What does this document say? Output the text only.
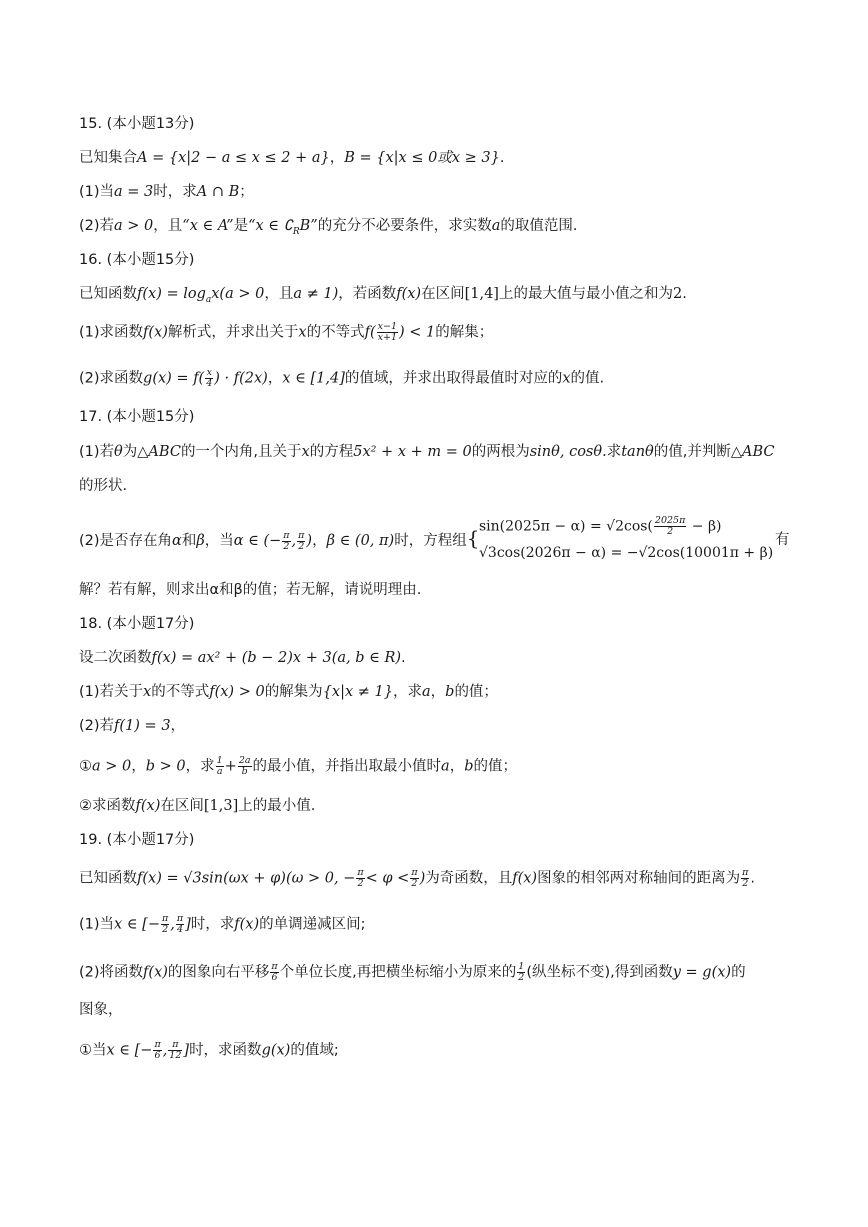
15. (本小题13分)
已知集合A = {x|2 − a ≤ x ≤ 2 + a}，B = {x|x ≤ 0或x ≥ 3}.
(1)当a = 3时，求A ∩ B；
(2)若a > 0，且“x ∈ A”是“x ∈ $∁_RB$”的充分不必要条件，求实数a的取值范围.
16. (本小题15分)
已知函数$f(x) = \log_ax(a > 0$，且a ≠ 1)，若函数f(x)在区间[1,4]上的最大值与最小值之和为2.
(1)求函数f(x)解析式，并求出关于x的不等式$f( \frac{x-1}{x+1}$ ) < 1的解集；
(2)求函数$g(x) = f( \frac{x}{4}$ ) · f(2x)，x ∈ [1,4]的值域，并求出取得最值时对应的x的值.
17. (本小题15分)
(1)若θ为△ABC的一个内角,且关于x的方程5x² + x + m = 0的两根为sinθ, cosθ.求tanθ的值,并判断△ABC
的形状.
(2)是否存在角α和β，当α ∈ (− $\frac{\pi}{2}$ , $\frac{\pi}{2}$ )，β ∈ (0, π)时，方程组{ $\sin(2025\pi - \alpha) = √2\cos( \frac{2025\pi}{2} - \beta)$
√3cos(2026π − α) = −√2cos(10001π + β)
有
解？若有解，则求出α和β的值；若无解，请说明理由.
18. (本小题17分)
设二次函数f(x) = ax² + (b − 2)x + 3(a, b ∈ R).
(1)若关于x的不等式f(x) > 0的解集为{x|x ≠ 1}，求a，b的值；
(2)若f(1) = 3，
①a > 0，b > 0，求 $\frac{1}{a} + \frac{2a}{b}$ 的最小值，并指出取最小值时a，b的值；
②求函数f(x)在区间[1,3]上的最小值.
19. (本小题17分)
已知函数f(x) = √3sin(ωx + φ)(ω > 0, − $\frac{\pi}{2} < \varphi < \frac{\pi}{2}$ )为奇函数，且f(x)图象的相邻两对称轴间的距离为 $\frac{\pi}{2}$ .
(1)当x ∈ [− $\frac{\pi}{2}$ , $\frac{\pi}{4}$ ]时，求f(x)的单调递减区间;
(2)将函数f(x)的图象向右平移 $\frac{\pi}{6}$ 个单位长度,再把横坐标缩小为原来的 $\frac{1}{2}$ (纵坐标不变),得到函数y = g(x)的
图象，
①当x ∈ [− $\frac{\pi}{6}$ , $\frac{\pi}{12}$ ]时，求函数g(x)的值域;
